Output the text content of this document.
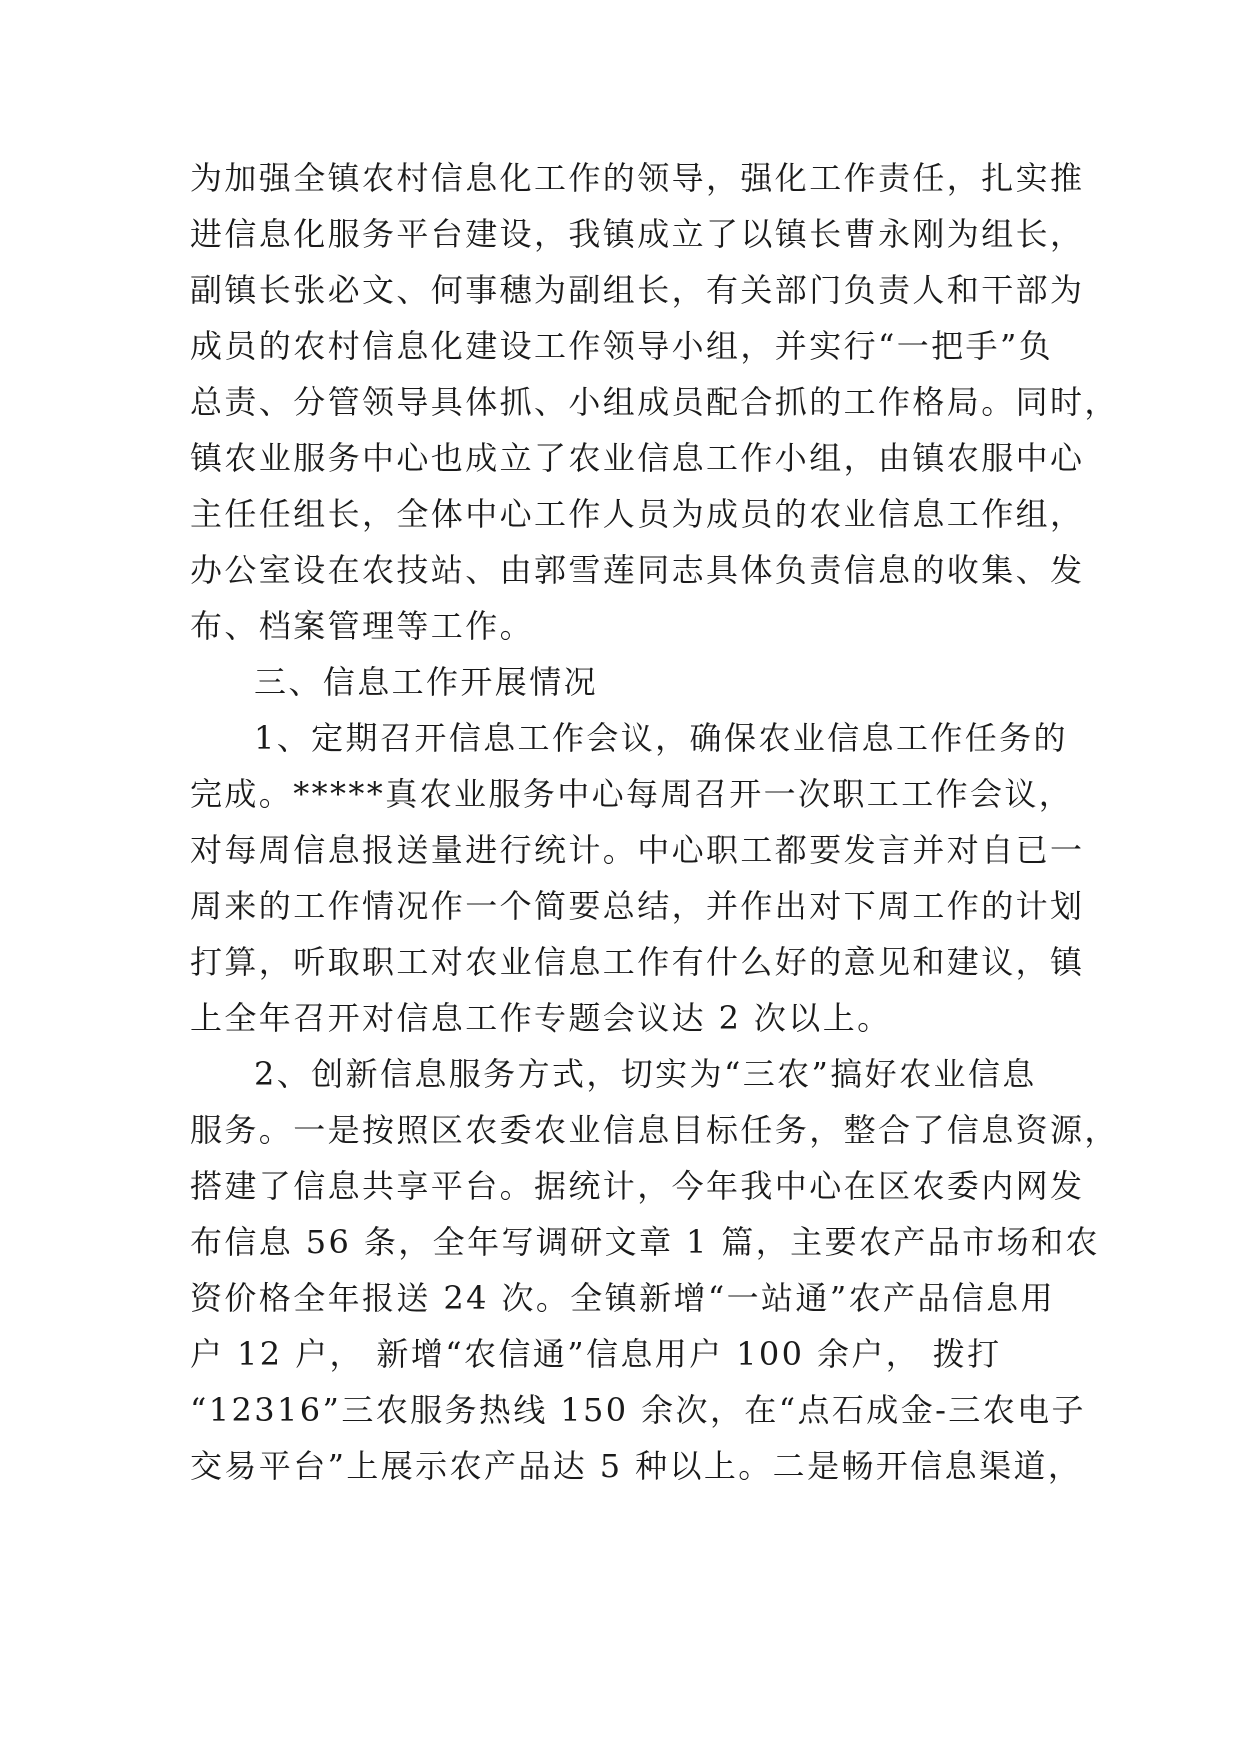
为加强全镇农村信息化工作的领导，强化工作责任，扎实推
进信息化服务平台建设，我镇成立了以镇长曹永刚为组长，
副镇长张必文、何事穗为副组长，有关部门负责人和干部为
成员的农村信息化建设工作领导小组，并实行“一把手”负
总责、分管领导具体抓、小组成员配合抓的工作格局。同时，
镇农业服务中心也成立了农业信息工作小组，由镇农服中心
主任任组长，全体中心工作人员为成员的农业信息工作组，
办公室设在农技站、由郭雪莲同志具体负责信息的收集、发
布、档案管理等工作。
三、信息工作开展情况
1、定期召开信息工作会议，确保农业信息工作任务的
完成。*****真农业服务中心每周召开一次职工工作会议，
对每周信息报送量进行统计。中心职工都要发言并对自已一
周来的工作情况作一个简要总结，并作出对下周工作的计划
打算，听取职工对农业信息工作有什么好的意见和建议，镇
上全年召开对信息工作专题会议达 2 次以上。
2、创新信息服务方式，切实为“三农”搞好农业信息
服务。一是按照区农委农业信息目标任务，整合了信息资源，
搭建了信息共享平台。据统计，今年我中心在区农委内网发
布信息 56 条，全年写调研文章 1 篇，主要农产品市场和农
资价格全年报送 24 次。全镇新增“一站通”农产品信息用
户 12 户， 新增“农信通”信息用户 100 余户， 拨打
“12316”三农服务热线 150 余次，在“点石成金-三农电子
交易平台”上展示农产品达 5 种以上。二是畅开信息渠道，
